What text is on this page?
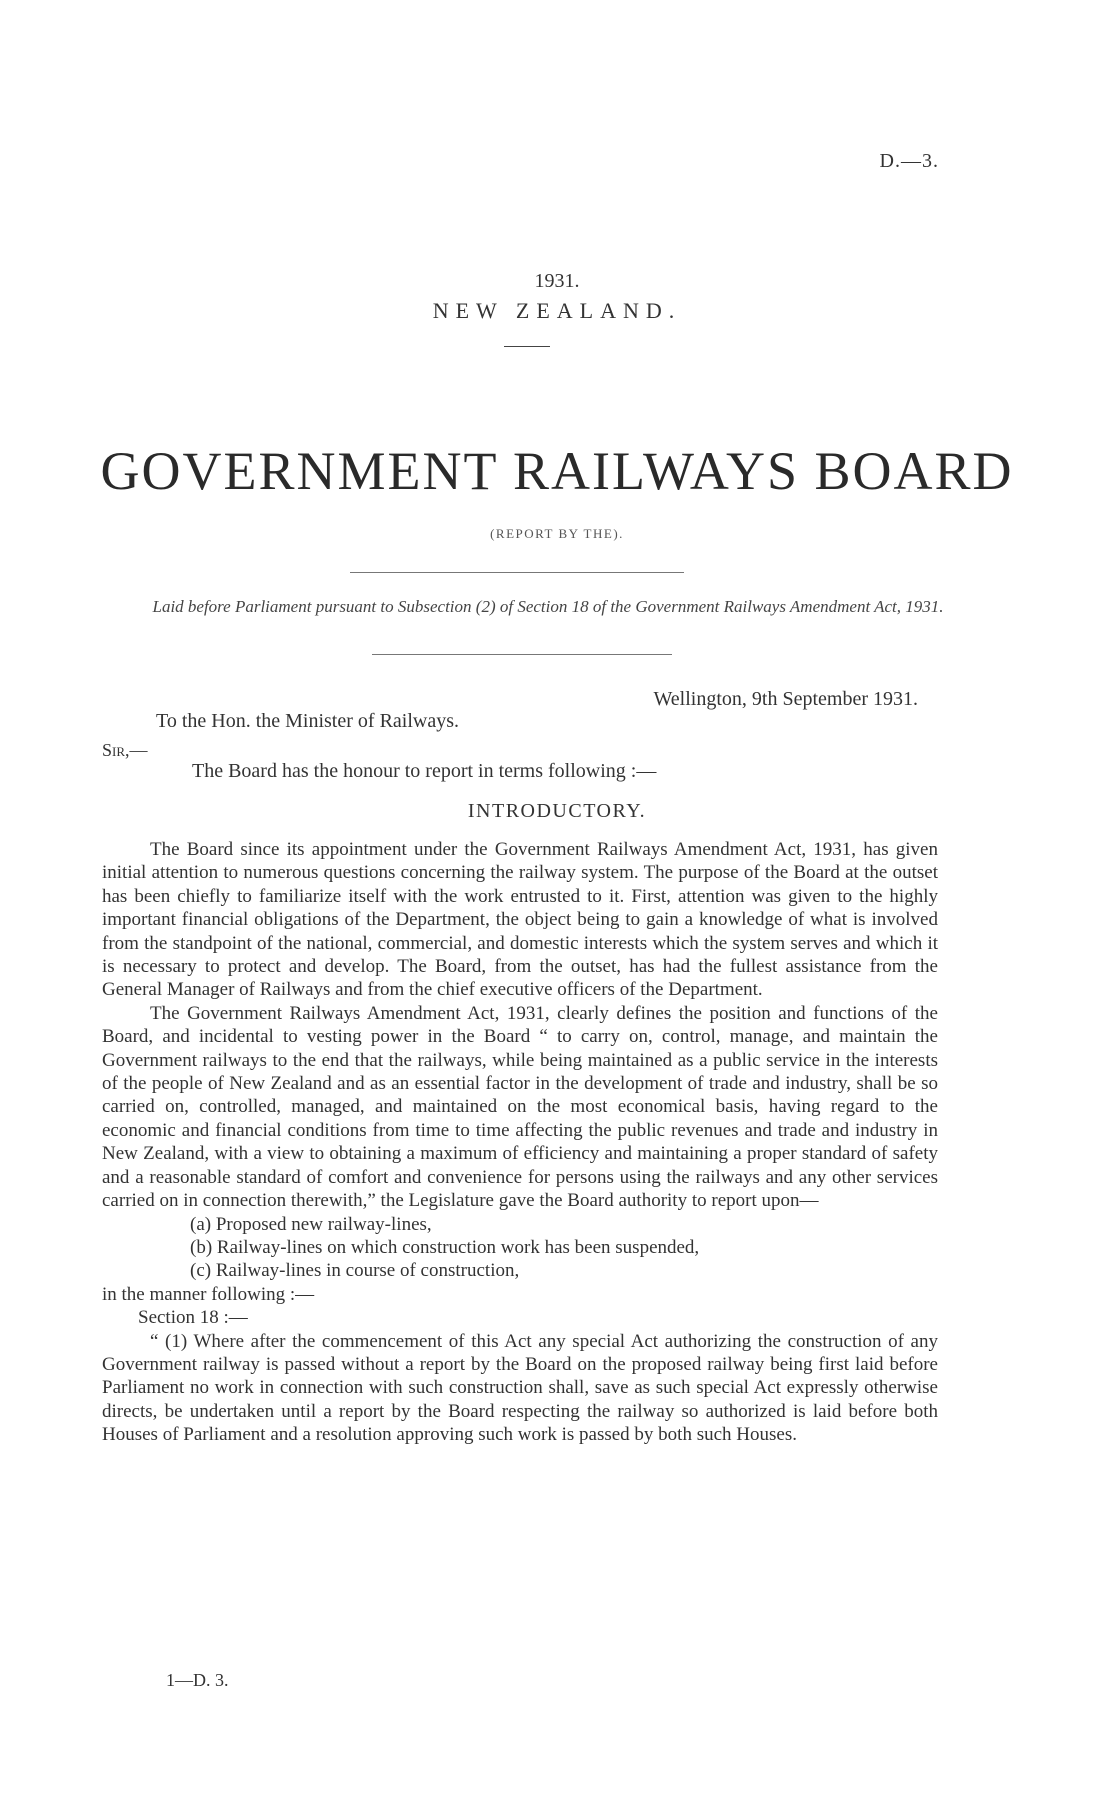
D.—3.
1931.
NEW ZEALAND.
GOVERNMENT RAILWAYS BOARD
(REPORT BY THE).
Laid before Parliament pursuant to Subsection (2) of Section 18 of the Government Railways Amendment Act, 1931.
Wellington, 9th September 1931.
To the Hon. the Minister of Railways.
Sir,—
The Board has the honour to report in terms following :—
INTRODUCTORY.

The Board since its appointment under the Government Railways Amendment Act, 1931, has given initial attention to numerous questions concerning the railway system. The purpose of the Board at the outset has been chiefly to familiarize itself with the work entrusted to it. First, attention was given to the highly important financial obligations of the Department, the object being to gain a knowledge of what is involved from the standpoint of the national, commercial, and domestic interests which the system serves and which it is necessary to protect and develop. The Board, from the outset, has had the fullest assistance from the General Manager of Railways and from the chief executive officers of the Department.

The Government Railways Amendment Act, 1931, clearly defines the position and functions of the Board, and incidental to vesting power in the Board “ to carry on, control, manage, and maintain the Government railways to the end that the railways, while being maintained as a public service in the interests of the people of New Zealand and as an essential factor in the development of trade and industry, shall be so carried on, controlled, managed, and maintained on the most economical basis, having regard to the economic and financial conditions from time to time affecting the public revenues and trade and industry in New Zealand, with a view to obtaining a maximum of efficiency and maintaining a proper standard of safety and a reasonable standard of comfort and convenience for persons using the railways and any other services carried on in connection therewith,” the Legislature gave the Board authority to report upon—

(a) Proposed new railway-lines,
(b) Railway-lines on which construction work has been suspended,
(c) Railway-lines in course of construction,

in the manner following :—

Section 18 :—

“ (1) Where after the commencement of this Act any special Act authorizing the construction of any Government railway is passed without a report by the Board on the proposed railway being first laid before Parliament no work in connection with such construction shall, save as such special Act expressly otherwise directs, be undertaken until a report by the Board respecting the railway so authorized is laid before both Houses of Parliament and a resolution approving such work is passed by both such Houses.

1—D. 3.
